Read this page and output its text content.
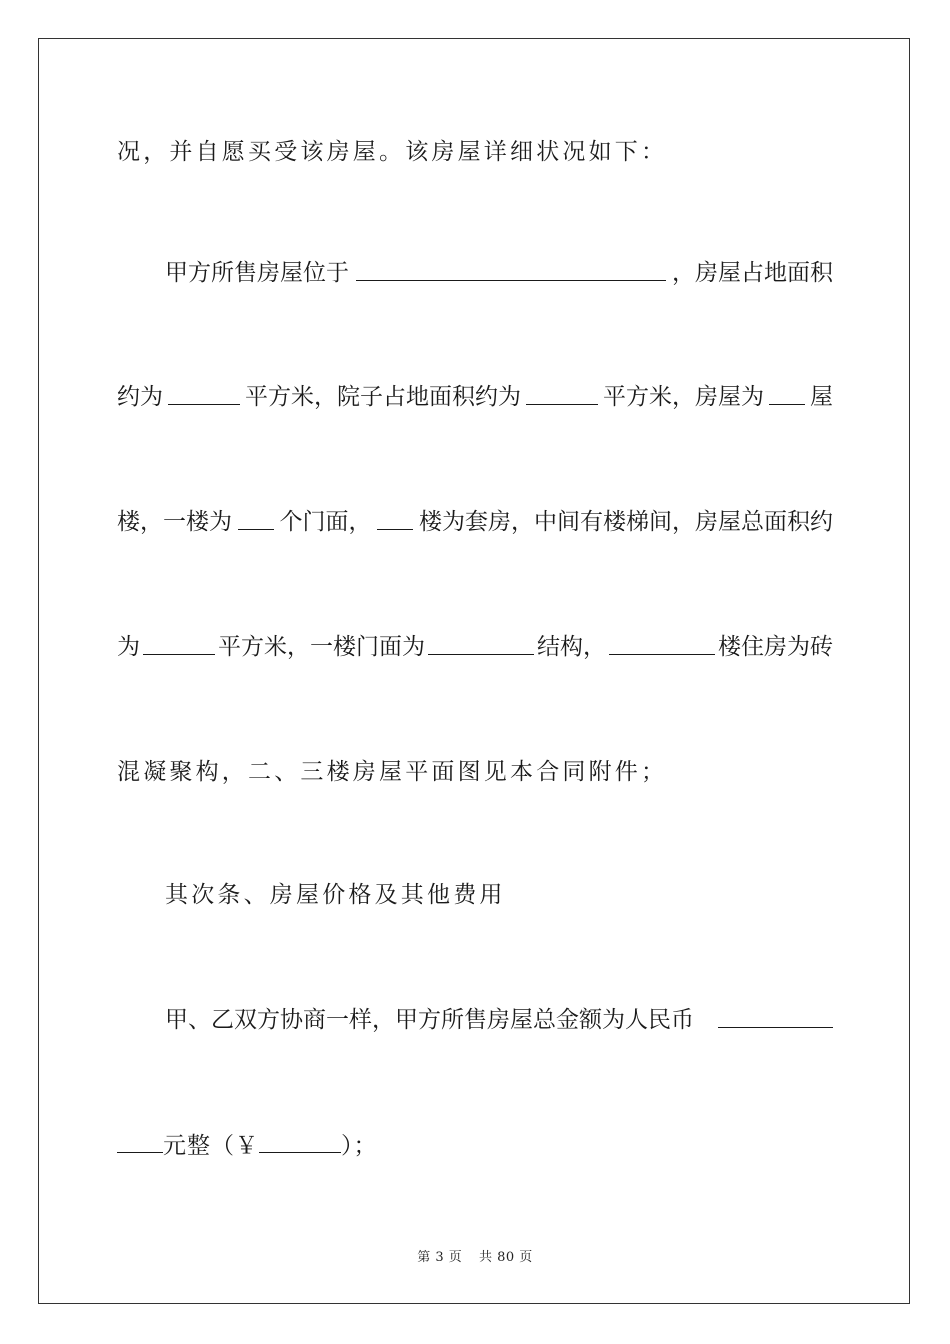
况，并自愿买受该房屋。该房屋详细状况如下：
甲方所售房屋位于	，房屋占地面积
约为	平方米，院子占地面积约为	平方米，房屋为 屋
楼，一楼为 个门面， 楼为套房，中间有楼梯间，房屋总面积约
为	平方米，一楼门面为	结构，	楼住房为砖
混凝聚构，二、三楼房屋平面图见本合同附件；
其次条、房屋价格及其他费用
甲、乙双方协商一样，甲方所售房屋总金额为人民币
元整（￥	）；
第 3 页 共 80 页
